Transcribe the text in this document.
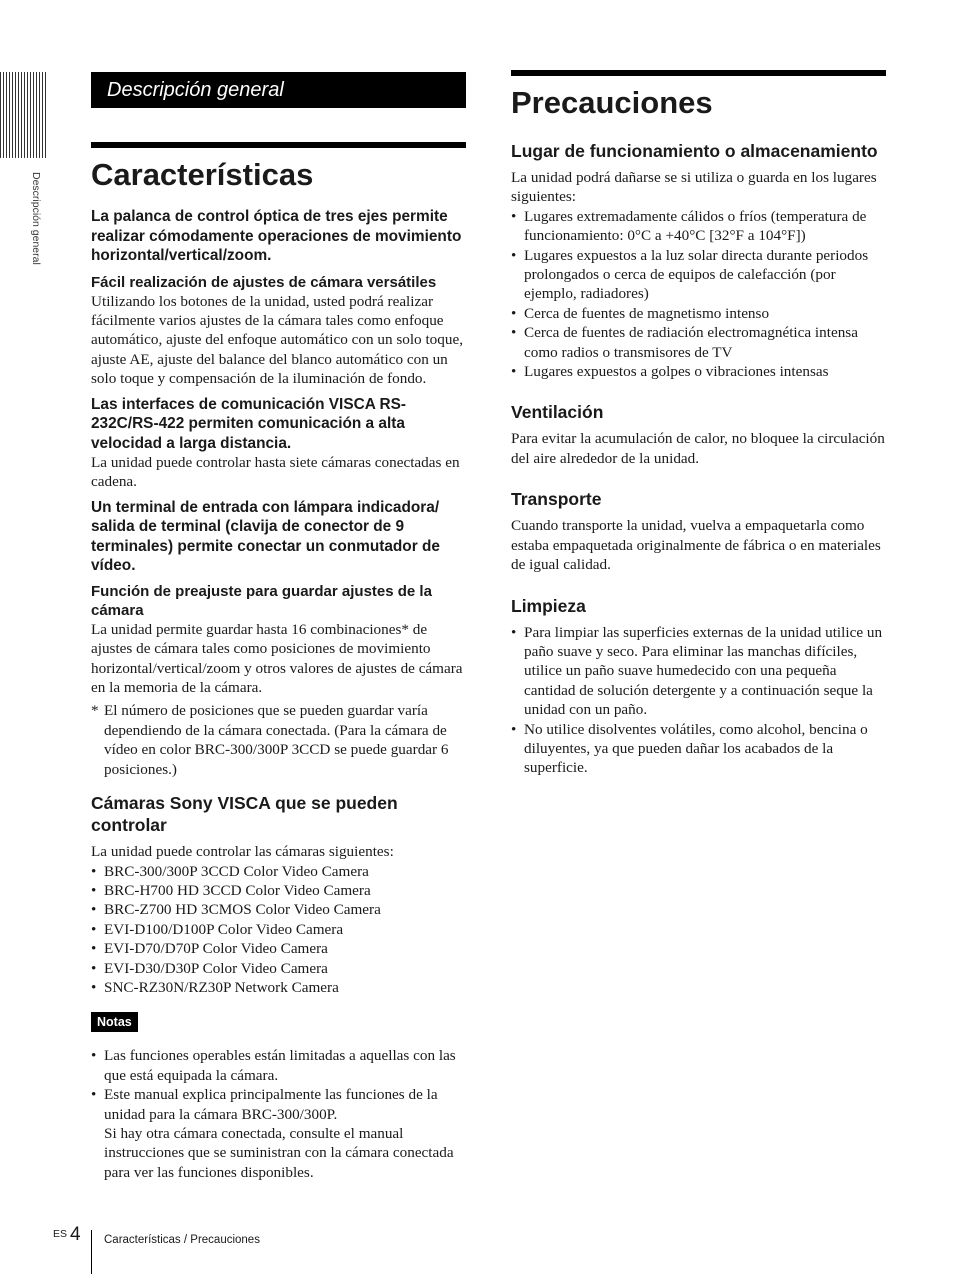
Descripción general
Descripción general
Características

La palanca de control óptica de tres ejes permite realizar cómodamente operaciones de movimiento horizontal/vertical/zoom.

Fácil realización de ajustes de cámara versátiles

Utilizando los botones de la unidad, usted podrá realizar fácilmente varios ajustes de la cámara tales como enfoque automático, ajuste del enfoque automático con un solo toque, ajuste AE, ajuste del balance del blanco automático con un solo toque y compensación de la iluminación de fondo.

Las interfaces de comunicación VISCA RS-232C/RS-422 permiten comunicación a alta velocidad a larga distancia.

La unidad puede controlar hasta siete cámaras conectadas en cadena.

Un terminal de entrada con lámpara indicadora/ salida de terminal (clavija de conector de 9 terminales) permite conectar un conmutador de vídeo.

Función de preajuste para guardar ajustes de la cámara

La unidad permite guardar hasta 16 combinaciones* de ajustes de cámara tales como posiciones de movimiento horizontal/vertical/zoom y otros valores de ajustes de cámara en la memoria de la cámara.

* El número de posiciones que se pueden guardar varía dependiendo de la cámara conectada. (Para la cámara de vídeo en color BRC-300/300P 3CCD se puede guardar 6 posiciones.)
Cámaras Sony VISCA que se pueden controlar

La unidad puede controlar las cámaras siguientes:

• BRC-300/300P 3CCD Color Video Camera
• BRC-H700 HD 3CCD Color Video Camera
• BRC-Z700 HD 3CMOS Color Video Camera
• EVI-D100/D100P Color Video Camera
• EVI-D70/D70P Color Video Camera
• EVI-D30/D30P Color Video Camera
• SNC-RZ30N/RZ30P Network Camera
Notas
• Las funciones operables están limitadas a aquellas con las que está equipada la cámara.
• Este manual explica principalmente las funciones de la unidad para la cámara BRC-300/300P.
Si hay otra cámara conectada, consulte el manual instrucciones que se suministran con la cámara conectada para ver las funciones disponibles.
Precauciones
Lugar de funcionamiento o almacenamiento

La unidad podrá dañarse se si utiliza o guarda en los lugares siguientes:

• Lugares extremadamente cálidos o fríos (temperatura de funcionamiento: 0°C a +40°C [32°F a 104°F])
• Lugares expuestos a la luz solar directa durante periodos prolongados o cerca de equipos de calefacción (por ejemplo, radiadores)
• Cerca de fuentes de magnetismo intenso
• Cerca de fuentes de radiación electromagnética intensa como radios o transmisores de TV
• Lugares expuestos a golpes o vibraciones intensas
Ventilación

Para evitar la acumulación de calor, no bloquee la circulación del aire alrededor de la unidad.

Transporte

Cuando transporte la unidad, vuelva a empaquetarla como estaba empaquetada originalmente de fábrica o en materiales de igual calidad.

Limpieza
• Para limpiar las superficies externas de la unidad utilice un paño suave y seco. Para eliminar las manchas difíciles, utilice un paño suave humedecido con una pequeña cantidad de solución detergente y a continuación seque la unidad con un paño.
• No utilice disolventes volátiles, como alcohol, bencina o diluyentes, ya que pueden dañar los acabados de la superficie.
ES 4 Características / Precauciones
